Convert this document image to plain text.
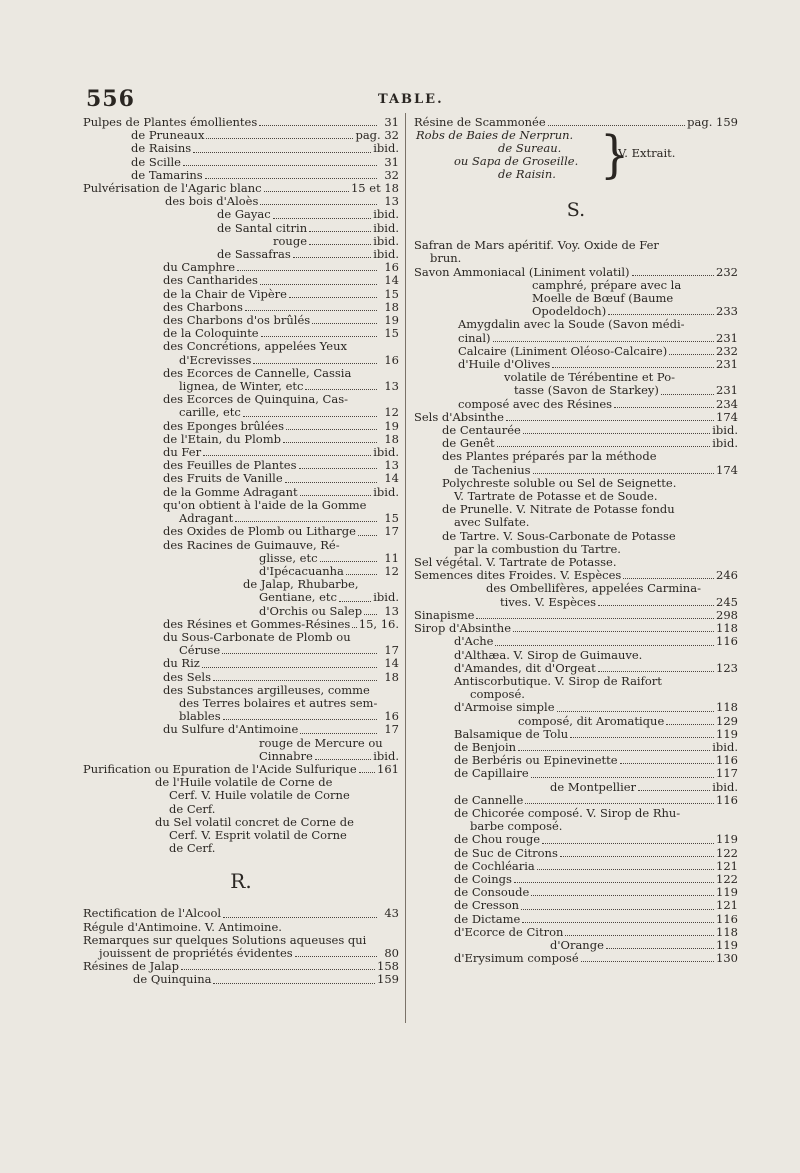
556	TABLE.
Pulpes de Plantes émollientes	31
de Pruneaux	pag. 32
de Raisins	ibid.
de Scille	31
de Tamarins	32
Pulvérisation de l'Agaric blanc	15 et 18
des bois d'Aloès	13
de Gayac	ibid.
de Santal citrin	ibid.
rouge	ibid.
de Sassafras	ibid.
du Camphre	16
des Cantharides	14
de la Chair de Vipère	15
des Charbons	18
des Charbons d'os brûlés	19
de la Coloquinte	15
des Concrétions, appelées Yeux
d'Ecrevisses	16
des Ecorces de Cannelle, Cassia
lignea, de Winter, etc	13
des Ecorces de Quinquina, Cas-
carille, etc	12
des Eponges brûlées	19
de l'Etain, du Plomb	18
du Fer	ibid.
des Feuilles de Plantes	13
des Fruits de Vanille	14
de la Gomme Adragant	ibid.
qu'on obtient à l'aide de la Gomme
Adragant	15
des Oxides de Plomb ou Litharge	17
des Racines de Guimauve, Ré-
glisse, etc	11
d'Ipécacuanha	12
de Jalap, Rhubarbe,
Gentiane, etc	ibid.
d'Orchis ou Salep	13
des Résines et Gommes-Résines 15, 16.
du Sous-Carbonate de Plomb ou
Céruse	17
du Riz	14
des Sels	18
des Substances argilleuses, comme
des Terres bolaires et autres sem-
blables	16
du Sulfure d'Antimoine	17
rouge de Mercure ou
Cinnabre	ibid.
Purification ou Epuration de l'Acide Sulfurique 161
de l'Huile volatile de Corne de
Cerf. V. Huile volatile de Corne
de Cerf.
du Sel volatil concret de Corne de
Cerf. V. Esprit volatil de Corne
de Cerf.
R.
Rectification de l'Alcool	43
Régule d'Antimoine. V. Antimoine.
Remarques sur quelques Solutions aqueuses qui
jouissent de propriétés évidentes	80
Résines de Jalap	158
de Quinquina	159
Résine de Scammonée	pag. 159
Robs de Baies de Nerprun.
de Sureau.
ou Sapa de Groseille.
de Raisin. }
V. Extrait.
S.
Safran de Mars apéritif. Voy. Oxide de Fer
brun.
Savon Ammoniacal (Liniment volatil)	232
camphré, prépare avec la
Moelle de Bœuf (Baume
Opodeldoch)	233
Amygdalin avec la Soude (Savon médi-
cinal)	231
Calcaire (Liniment Oléoso-Calcaire)	232
d'Huile d'Olives	231
volatile de Térébentine et Po-
tasse (Savon de Starkey)	231
composé avec des Résines	234
Sels d'Absinthe	174
de Centaurée	ibid.
de Genêt	ibid.
des Plantes préparés par la méthode
de Tachenius	174
Polychreste soluble ou Sel de Seignette.
V. Tartrate de Potasse et de Soude.
de Prunelle. V. Nitrate de Potasse fondu
avec Sulfate.
de Tartre. V. Sous-Carbonate de Potasse
par la combustion du Tartre.
Sel végétal. V. Tartrate de Potasse.
Semences dites Froides. V. Espèces	246
des Ombellifères, appelées Carmina-
tives. V. Espèces	245
Sinapisme	298
Sirop d'Absinthe	118
d'Ache	116
d'Althæa. V. Sirop de Guimauve.
d'Amandes, dit d'Orgeat	123
Antiscorbutique. V. Sirop de Raifort
composé.
d'Armoise simple	118
composé, dit Aromatique	129
Balsamique de Tolu	119
de Benjoin	ibid.
de Berbéris ou Epinevinette	116
de Capillaire	117
de Montpellier	ibid.
de Cannelle	116
de Chicorée composé. V. Sirop de Rhu-
barbe composé.
de Chou rouge	119
de Suc de Citrons	122
de Cochléaria	121
de Coings	122
de Consoude	119
de Cresson	121
de Dictame	116
d'Ecorce de Citron	118
d'Orange	119
d'Erysimum composé	130
